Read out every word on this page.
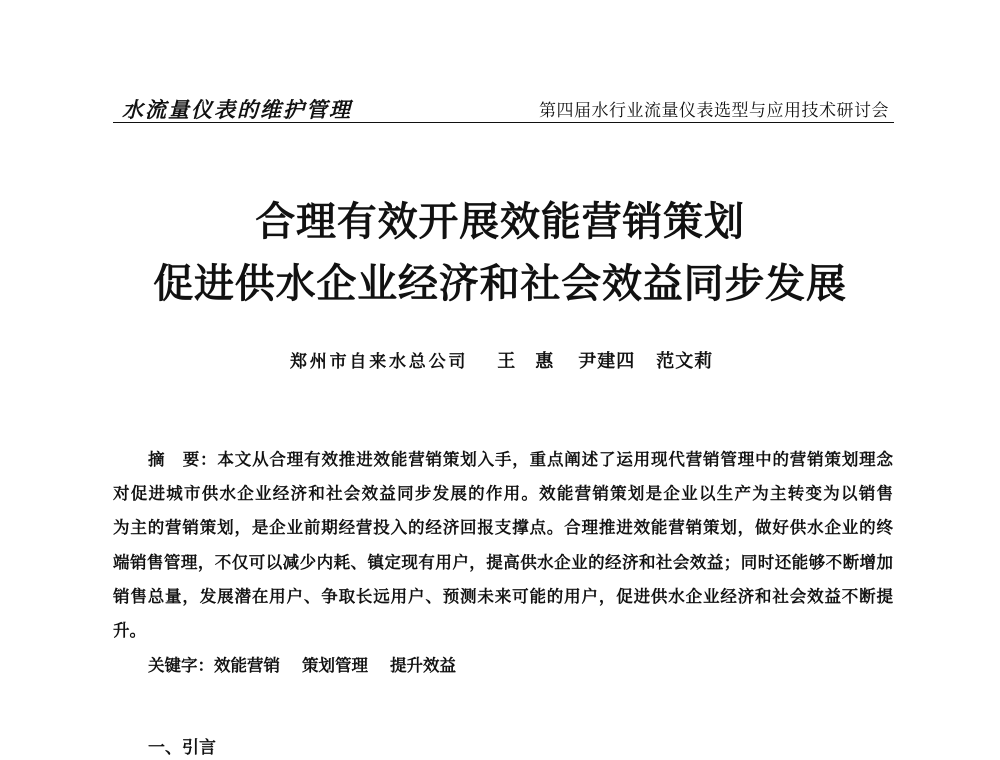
水流量仪表的维护管理	第四届水行业流量仪表选型与应用技术研讨会
合理有效开展效能营销策划
促进供水企业经济和社会效益同步发展
郑州市自来水总公司 王　惠 尹建四 范文莉
摘　要：本文从合理有效推进效能营销策划入手，重点阐述了运用现代营销管理中的营销策划理念
对促进城市供水企业经济和社会效益同步发展的作用。效能营销策划是企业以生产为主转变为以销售
为主的营销策划，是企业前期经营投入的经济回报支撑点。合理推进效能营销策划，做好供水企业的终
端销售管理，不仅可以减少内耗、镇定现有用户，提高供水企业的经济和社会效益；同时还能够不断增加
销售总量，发展潜在用户、争取长远用户、预测未来可能的用户，促进供水企业经济和社会效益不断提
升。
关键字： 效能营销 策划管理 提升效益
一、引言
